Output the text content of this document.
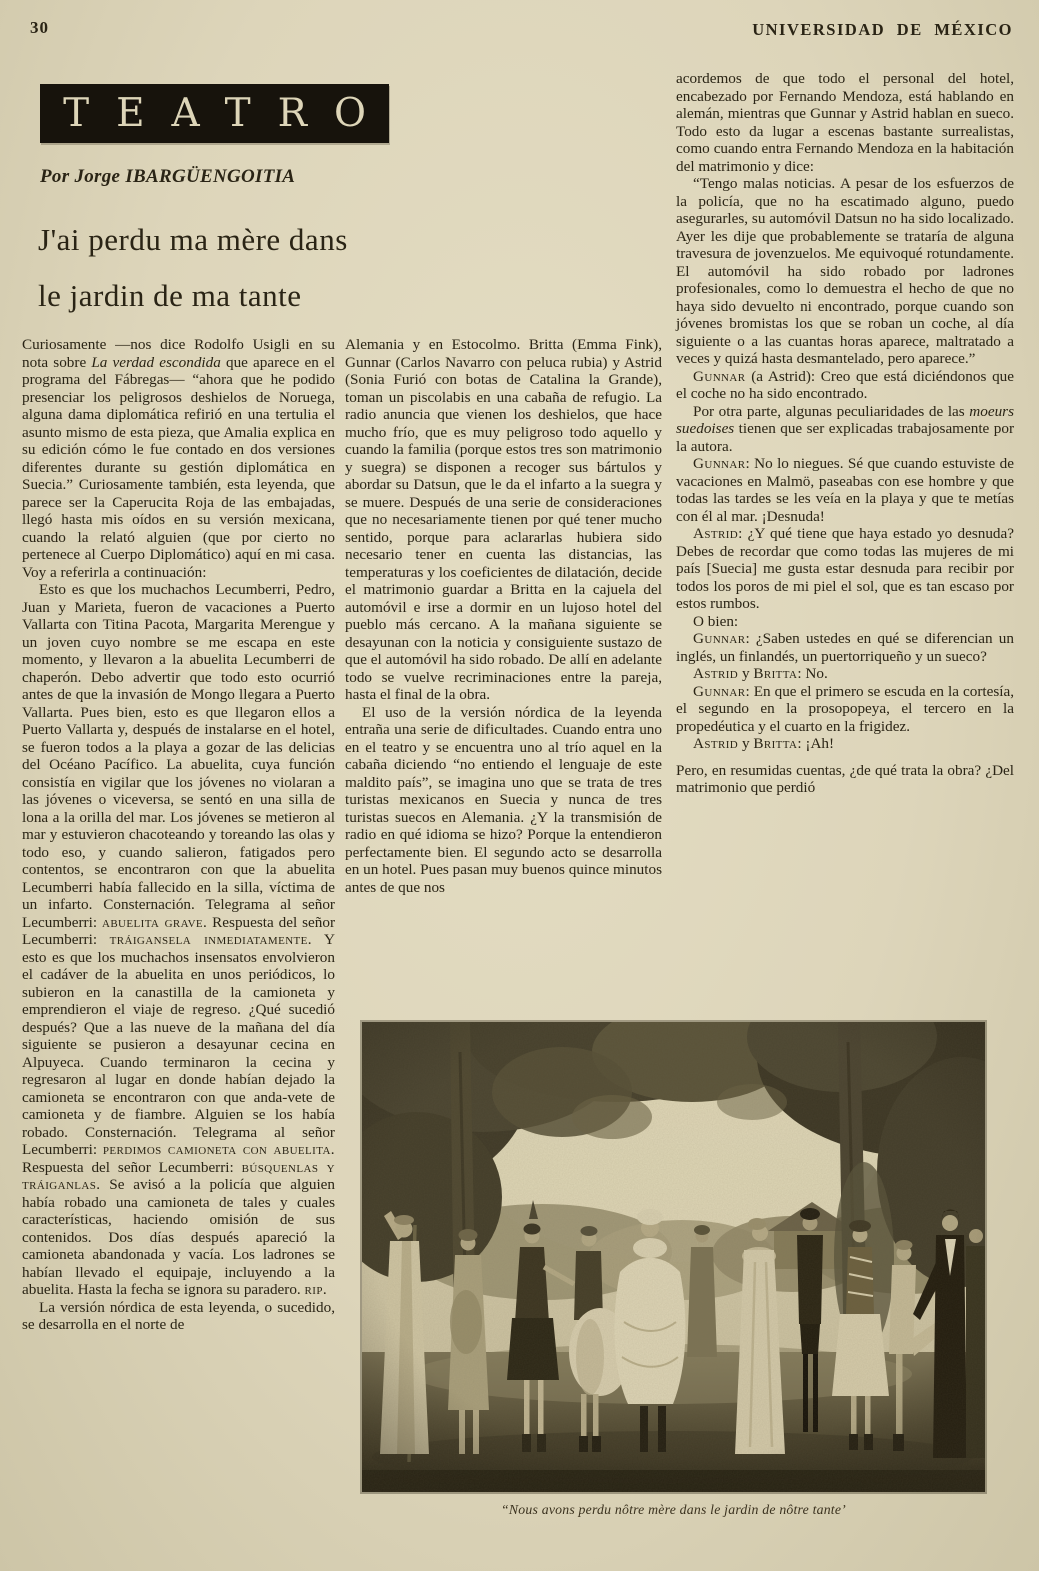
30	UNIVERSIDAD DE MÉXICO
TEATRO
Por Jorge IBARGÜENGOITIA
J'ai perdu ma mère dans
le jardin de ma tante

Curiosamente —nos dice Rodolfo Usigli en su nota sobre La verdad escondida que aparece en el programa del Fábregas— “ahora que he podido presenciar los peligrosos deshielos de Noruega, alguna dama diplomática refirió en una tertulia el asunto mismo de esta pieza, que Amalia explica en su edición cómo le fue contado en dos versiones diferentes durante su gestión diplomática en Suecia.” Curiosamente también, esta leyenda, que parece ser la Caperucita Roja de las embajadas, llegó hasta mis oídos en su versión mexicana, cuando la relató alguien (que por cierto no pertenece al Cuerpo Diplomático) aquí en mi casa. Voy a referirla a continuación:

Esto es que los muchachos Lecumberri, Pedro, Juan y Marieta, fueron de vacaciones a Puerto Vallarta con Titina Pacota, Margarita Merengue y un joven cuyo nombre se me escapa en este momento, y llevaron a la abuelita Lecumberri de chaperón. Debo advertir que todo esto ocurrió antes de que la invasión de Mongo llegara a Puerto Vallarta. Pues bien, esto es que llegaron ellos a Puerto Vallarta y, después de instalarse en el hotel, se fueron todos a la playa a gozar de las delicias del Océano Pacífico. La abuelita, cuya función consistía en vigilar que los jóvenes no violaran a las jóvenes o viceversa, se sentó en una silla de lona a la orilla del mar. Los jóvenes se metieron al mar y estuvieron chacoteando y toreando las olas y todo eso, y cuando salieron, fatigados pero contentos, se encontraron con que la abuelita Lecumberri había fallecido en la silla, víctima de un infarto. Consternación. Telegrama al señor Lecumberri: abuelita grave. Respuesta del señor Lecumberri: tráigansela inmediatamente. Y esto es que los muchachos insensatos envolvieron el cadáver de la abuelita en unos periódicos, lo subieron en la canastilla de la camioneta y emprendieron el viaje de regreso. ¿Qué sucedió después? Que a las nueve de la mañana del día siguiente se pusieron a desayunar cecina en Alpuyeca. Cuando terminaron la cecina y regresaron al lugar en donde habían dejado la camioneta se encontraron con que anda-vete de camioneta y de fiambre. Alguien se los había robado. Consternación. Telegrama al señor Lecumberri: perdimos camioneta con abuelita. Respuesta del señor Lecumberri: búsquenlas y tráiganlas. Se avisó a la policía que alguien había robado una camioneta de tales y cuales características, haciendo omisión de sus contenidos. Dos días después apareció la camioneta abandonada y vacía. Los ladrones se habían llevado el equipaje, incluyendo a la abuelita. Hasta la fecha se ignora su paradero. rip.

La versión nórdica de esta leyenda, o sucedido, se desarrolla en el norte de

Alemania y en Estocolmo. Britta (Emma Fink), Gunnar (Carlos Navarro con peluca rubia) y Astrid (Sonia Furió con botas de Catalina la Grande), toman un piscolabis en una cabaña de refugio. La radio anuncia que vienen los deshielos, que hace mucho frío, que es muy peligroso todo aquello y cuando la familia (porque estos tres son matrimonio y suegra) se disponen a recoger sus bártulos y abordar su Datsun, que le da el infarto a la suegra y se muere. Después de una serie de consideraciones que no necesariamente tienen por qué tener mucho sentido, porque para aclararlas hubiera sido necesario tener en cuenta las distancias, las temperaturas y los coeficientes de dilatación, decide el matrimonio guardar a Britta en la cajuela del automóvil e irse a dormir en un lujoso hotel del pueblo más cercano. A la mañana siguiente se desayunan con la noticia y consiguiente sustazo de que el automóvil ha sido robado. De allí en adelante todo se vuelve recriminaciones entre la pareja, hasta el final de la obra.

El uso de la versión nórdica de la leyenda entraña una serie de dificultades. Cuando entra uno en el teatro y se encuentra uno al trío aquel en la cabaña diciendo “no entiendo el lenguaje de este maldito país”, se imagina uno que se trata de tres turistas mexicanos en Suecia y nunca de tres turistas suecos en Alemania. ¿Y la transmisión de radio en qué idioma se hizo? Porque la entendieron perfectamente bien. El segundo acto se desarrolla en un hotel. Pues pasan muy buenos quince minutos antes de que nos

acordemos de que todo el personal del hotel, encabezado por Fernando Mendoza, está hablando en alemán, mientras que Gunnar y Astrid hablan en sueco. Todo esto da lugar a escenas bastante surrealistas, como cuando entra Fernando Mendoza en la habitación del matrimonio y dice:

“Tengo malas noticias. A pesar de los esfuerzos de la policía, que no ha escatimado alguno, puedo asegurarles, su automóvil Datsun no ha sido localizado. Ayer les dije que probablemente se trataría de alguna travesura de jovenzuelos. Me equivoqué rotundamente. El automóvil ha sido robado por ladrones profesionales, como lo demuestra el hecho de que no haya sido devuelto ni encontrado, porque cuando son jóvenes bromistas los que se roban un coche, al día siguiente o a las cuantas horas aparece, maltratado a veces y quizá hasta desmantelado, pero aparece.”

Gunnar (a Astrid): Creo que está diciéndonos que el coche no ha sido encontrado.

Por otra parte, algunas peculiaridades de las moeurs suedoises tienen que ser explicadas trabajosamente por la autora.

Gunnar: No lo niegues. Sé que cuando estuviste de vacaciones en Malmö, paseabas con ese hombre y que todas las tardes se les veía en la playa y que te metías con él al mar. ¡Desnuda!

Astrid: ¿Y qué tiene que haya estado yo desnuda? Debes de recordar que como todas las mujeres de mi país [Suecia] me gusta estar desnuda para recibir por todos los poros de mi piel el sol, que es tan escaso por estos rumbos.

O bien:

Gunnar: ¿Saben ustedes en qué se diferencian un inglés, un finlandés, un puertorriqueño y un sueco?

Astrid y Britta: No.

Gunnar: En que el primero se escuda en la cortesía, el segundo en la prosopopeya, el tercero en la propedéutica y el cuarto en la frigidez.

Astrid y Britta: ¡Ah!

Pero, en resumidas cuentas, ¿de qué trata la obra? ¿Del matrimonio que perdió

“Nous avons perdu nôtre mère dans le jardin de nôtre tante’
